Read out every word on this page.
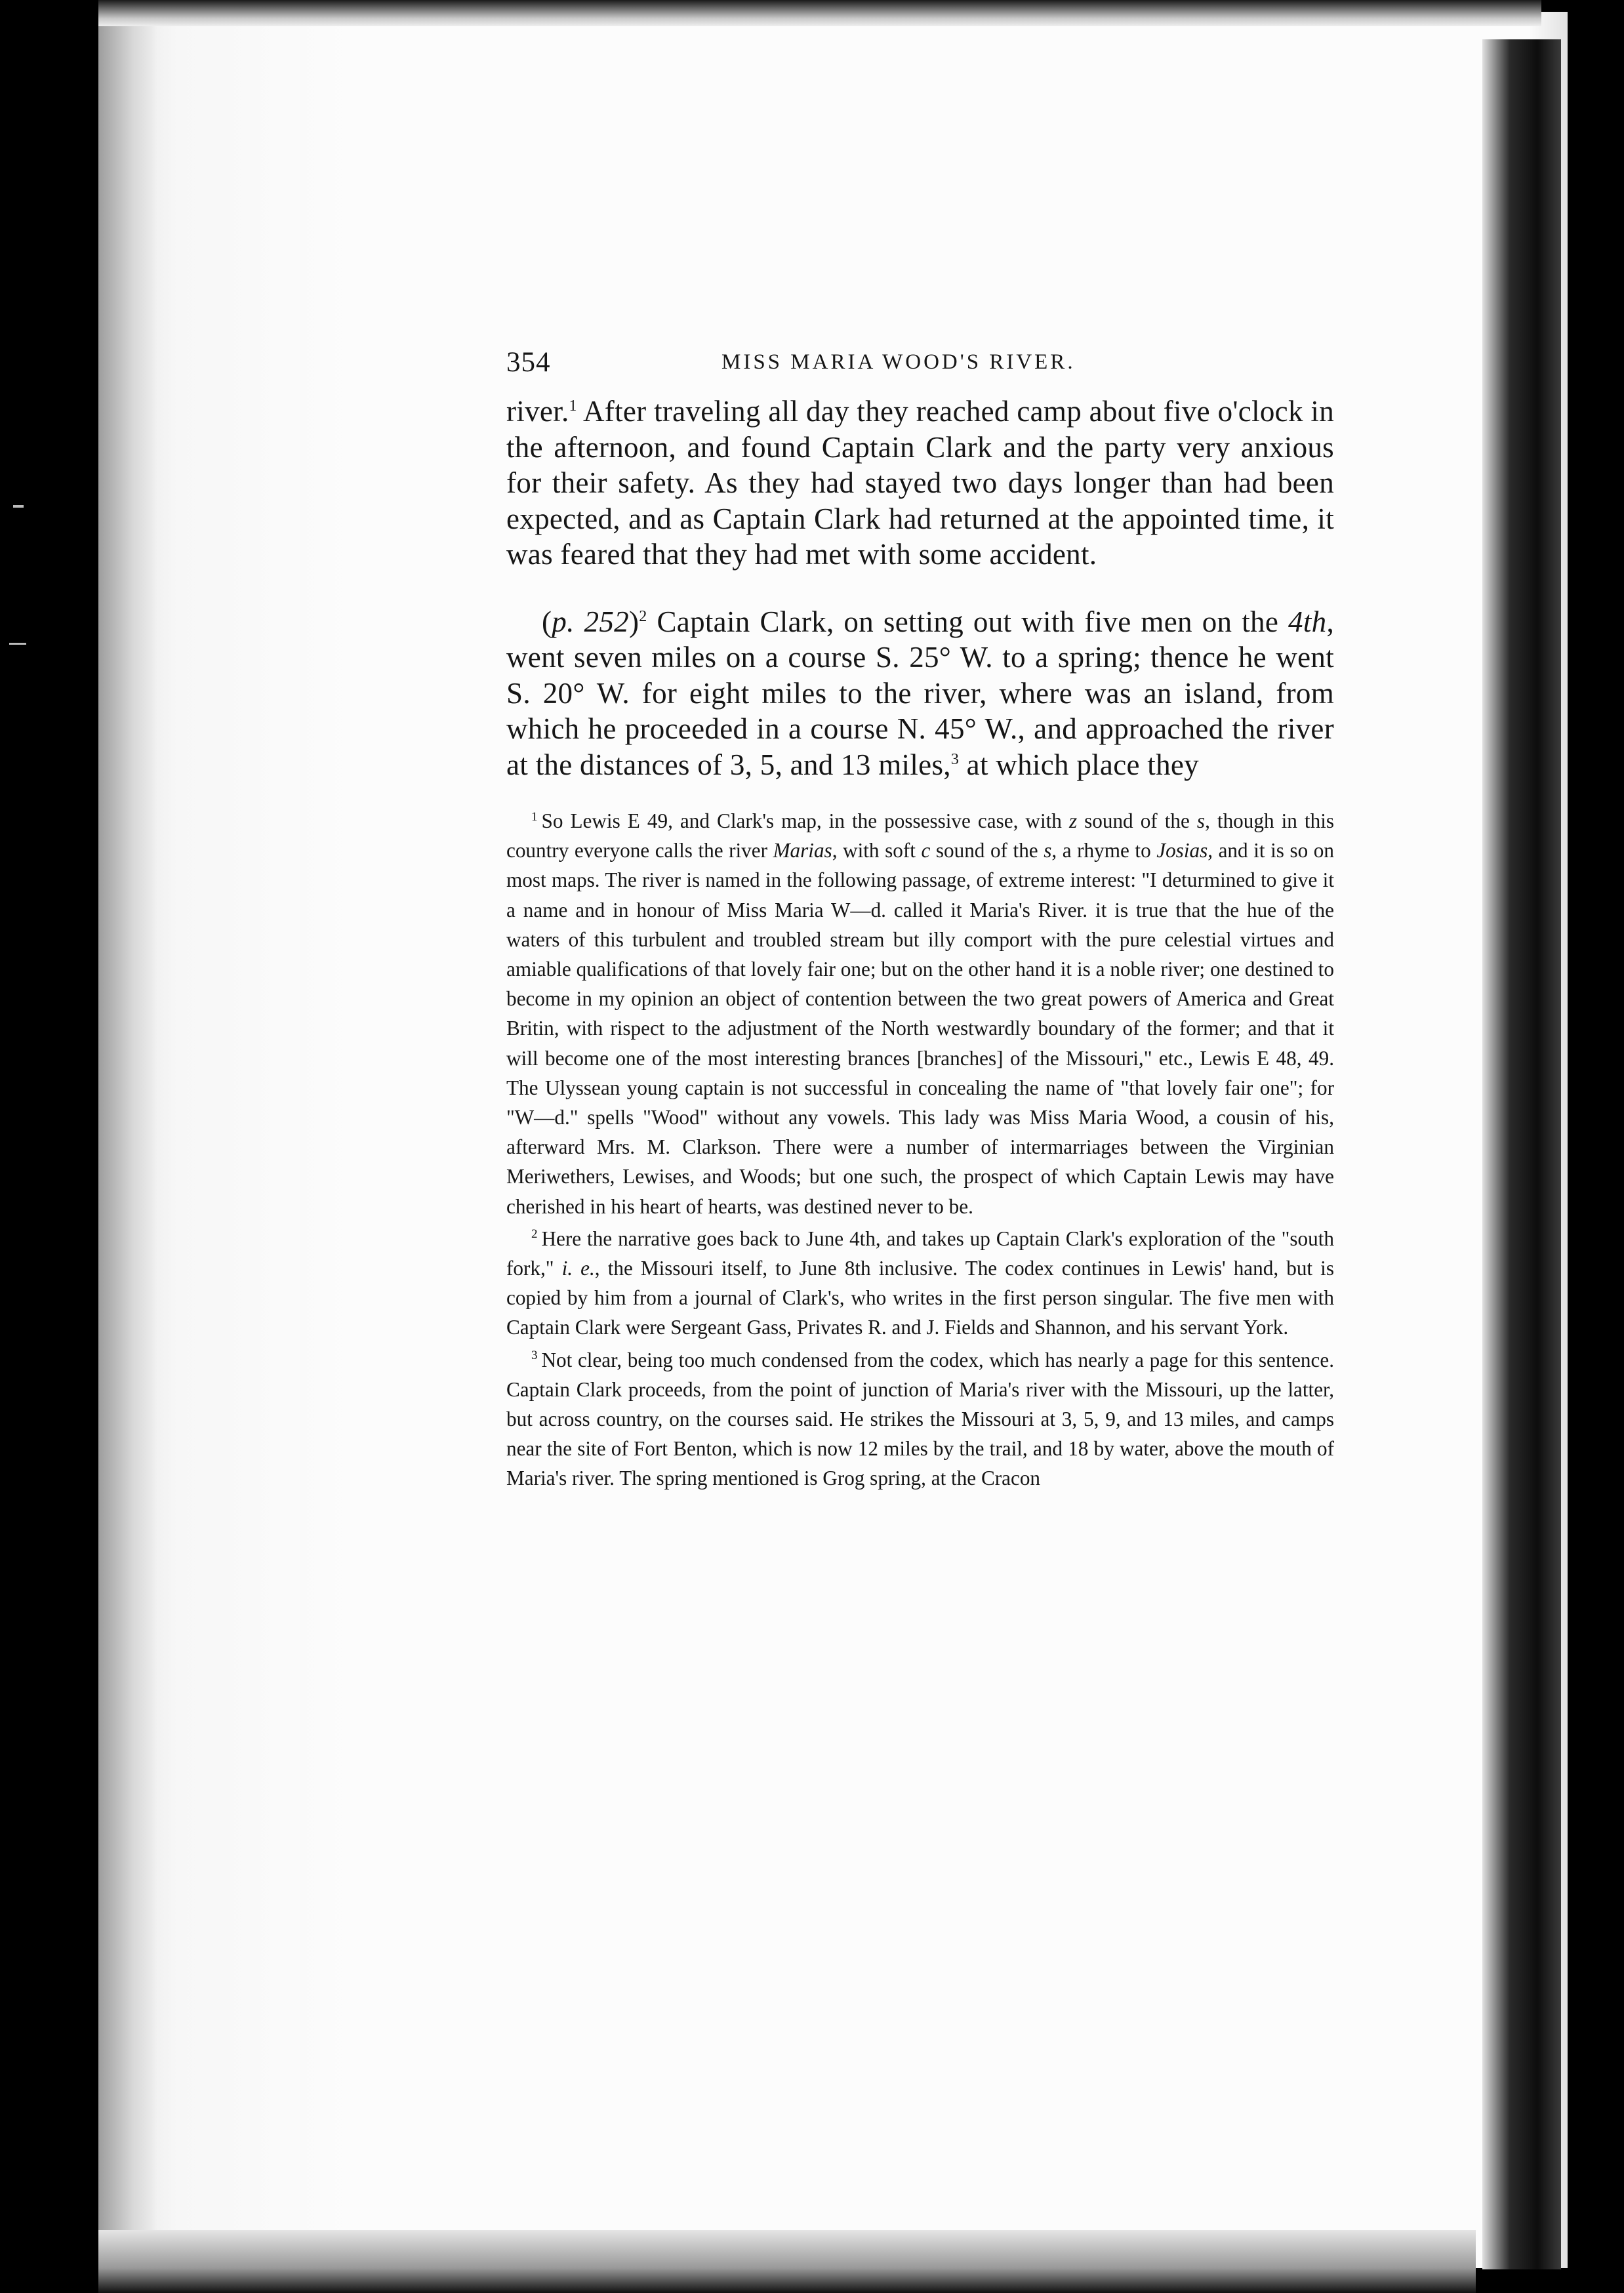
354	MISS MARIA WOOD'S RIVER.

river.$^1$ After traveling all day they reached camp about five o'clock in the afternoon, and found Captain Clark and the party very anxious for their safety. As they had stayed two days longer than had been expected, and as Captain Clark had returned at the appointed time, it was feared that they had met with some accident.

(p. 252)$^2$ Captain Clark, on setting out with five men on the 4th, went seven miles on a course S. 25° W. to a spring; thence he went S. 20° W. for eight miles to the river, where was an island, from which he proceeded in a course N. 45° W., and approached the river at the distances of 3, 5, and 13 miles,$^3$ at which place they

$^1$ So Lewis E 49, and Clark's map, in the possessive case, with z sound of the s, though in this country everyone calls the river Marias, with soft c sound of the s, a rhyme to Josias, and it is so on most maps. The river is named in the following passage, of extreme interest: "I deturmined to give it a name and in honour of Miss Maria W—d. called it Maria's River. it is true that the hue of the waters of this turbulent and troubled stream but illy comport with the pure celestial virtues and amiable qualifications of that lovely fair one; but on the other hand it is a noble river; one destined to become in my opinion an object of contention between the two great powers of America and Great Britin, with rispect to the adjustment of the North westwardly boundary of the former; and that it will become one of the most interesting brances [branches] of the Missouri," etc., Lewis E 48, 49. The Ulyssean young captain is not successful in concealing the name of "that lovely fair one"; for "W—d." spells "Wood" without any vowels. This lady was Miss Maria Wood, a cousin of his, afterward Mrs. M. Clarkson. There were a number of intermarriages between the Virginian Meriwethers, Lewises, and Woods; but one such, the prospect of which Captain Lewis may have cherished in his heart of hearts, was destined never to be.

$^2$ Here the narrative goes back to June 4th, and takes up Captain Clark's exploration of the "south fork," i. e., the Missouri itself, to June 8th inclusive. The codex continues in Lewis' hand, but is copied by him from a journal of Clark's, who writes in the first person singular. The five men with Captain Clark were Sergeant Gass, Privates R. and J. Fields and Shannon, and his servant York.

$^3$ Not clear, being too much condensed from the codex, which has nearly a page for this sentence. Captain Clark proceeds, from the point of junction of Maria's river with the Missouri, up the latter, but across country, on the courses said. He strikes the Missouri at 3, 5, 9, and 13 miles, and camps near the site of Fort Benton, which is now 12 miles by the trail, and 18 by water, above the mouth of Maria's river. The spring mentioned is Grog spring, at the Cracon
